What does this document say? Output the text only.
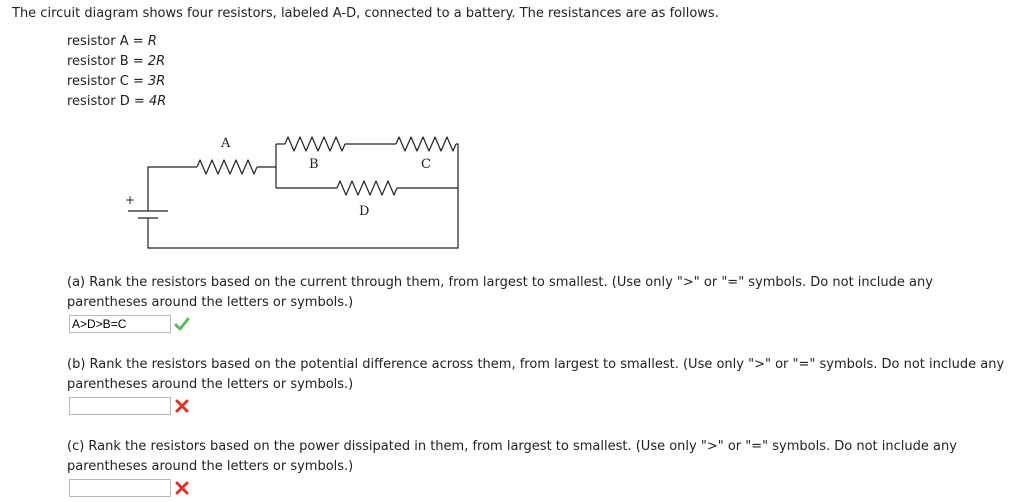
The circuit diagram shows four resistors, labeled A-D, connected to a battery. The resistances are as follows.
resistor A = R
resistor B = 2R
resistor C = 3R
resistor D = 4R
A
B	C
D
+
(a) Rank the resistors based on the current through them, from largest to smallest. (Use only ">" or "=" symbols. Do not include any parentheses around the letters or symbols.)
A>D>B=C
(b) Rank the resistors based on the potential difference across them, from largest to smallest. (Use only ">" or "=" symbols. Do not include any parentheses around the letters or symbols.)
(c) Rank the resistors based on the power dissipated in them, from largest to smallest. (Use only ">" or "=" symbols. Do not include any parentheses around the letters or symbols.)
